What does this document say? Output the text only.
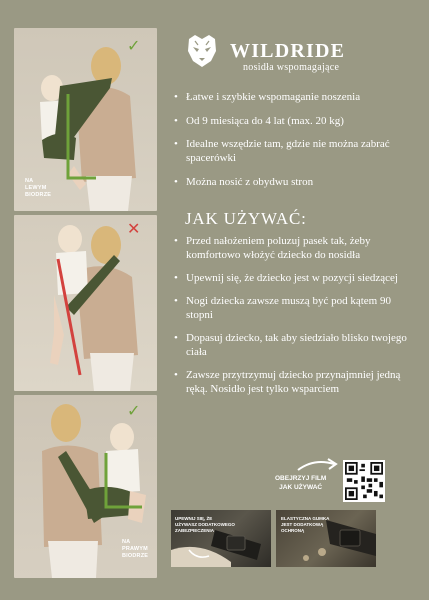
✓
NA
LEWYM
BIODRZE
✕
✓
NA
PRAWYM
BIODRZE
WILDRIDE
nosidła wspomagające
• Łatwe i szybkie wspomaganie noszenia
• Od 9 miesiąca do 4 lat (max. 20 kg)
• Idealne wszędzie tam, gdzie nie można zabrać spacerówki
• Można nosić z obydwu stron
JAK UŻYWAĆ:
• Przed nałożeniem poluzuj pasek tak, żeby komfortowo włożyć dziecko do nosidła
• Upewnij się, że dziecko jest w pozycji siedzącej
• Nogi dziecka zawsze muszą być pod kątem 90 stopni
• Dopasuj dziecko, tak aby siedziało blisko twojego ciała
• Zawsze przytrzymuj dziecko przynajmniej jedną ręką. Nosidło jest tylko wsparciem
OBEJRZYJ FILM
JAK UŻYWAĆ
UPEWNIJ SIĘ, ŻE
UŻYWASZ DODATKOWEGO
ZABEZPIECZENIA
ELASTYCZNA GUMKA
JEST DODATKOWĄ
OCHRONĄ
